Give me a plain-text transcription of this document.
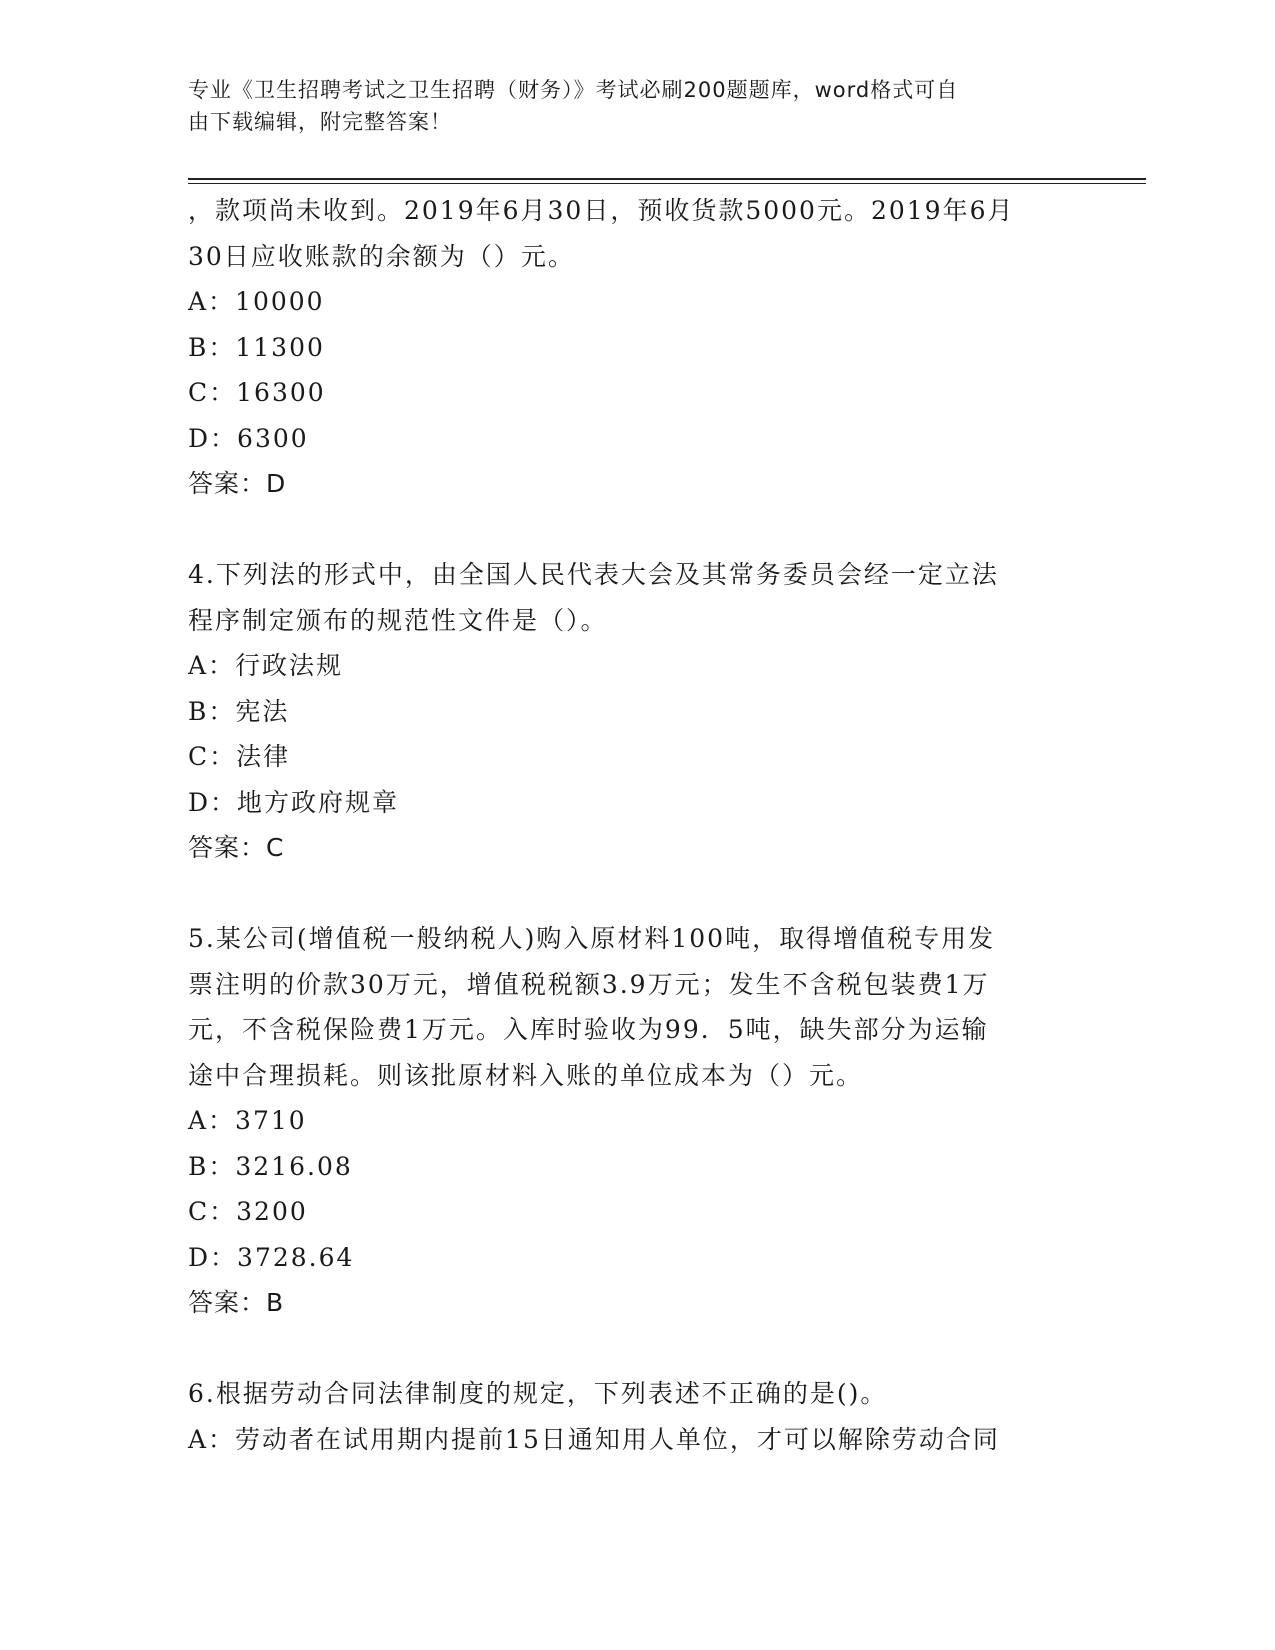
专业《卫生招聘考试之卫生招聘（财务）》考试必刷200题题库，word格式可自
由下载编辑，附完整答案！
，款项尚未收到。2019年6月30日，预收货款5000元。2019年6月
30日应收账款的余额为（）元。
A：10000
B：11300
C：16300
D：6300
答案：D
4.下列法的形式中，由全国人民代表大会及其常务委员会经一定立法
程序制定颁布的规范性文件是（）。
A：行政法规
B：宪法
C：法律
D：地方政府规章
答案：C
5.某公司(增值税一般纳税人)购入原材料100吨，取得增值税专用发
票注明的价款30万元，增值税税额3.9万元；发生不含税包装费1万
元，不含税保险费1万元。入库时验收为99．5吨，缺失部分为运输
途中合理损耗。则该批原材料入账的单位成本为（）元。
A：3710
B：3216.08
C：3200
D：3728.64
答案：B
6.根据劳动合同法律制度的规定，下列表述不正确的是()。
A：劳动者在试用期内提前15日通知用人单位，才可以解除劳动合同
